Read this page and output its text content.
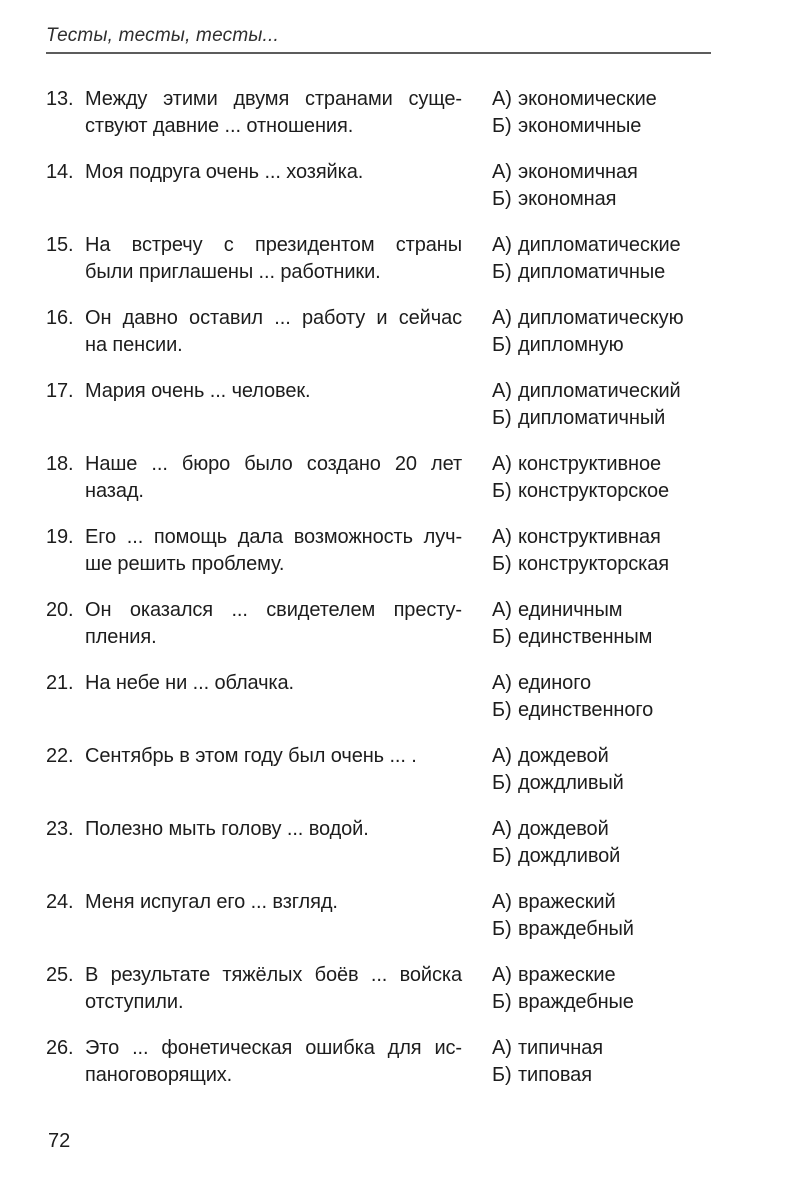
Тесты, тесты, тесты...
13. Между этими двумя странами суще-
ствуют давние ... отношения.
А) экономические
Б) экономичные
14. Моя подруга очень ... хозяйка.	А) экономичная
Б) экономная
15. На встречу с президентом страны
были приглашены ... работники.
А) дипломатические
Б) дипломатичные
16. Он давно оставил ... работу и сейчас
на пенсии.
А) дипломатическую
Б) дипломную
17. Мария очень ... человек.	А) дипломатический
Б) дипломатичный
18. Наше ... бюро было создано 20 лет
назад.
А) конструктивное
Б) конструкторское
19. Его ... помощь дала возможность луч-
ше решить проблему.
А) конструктивная
Б) конструкторская
20. Он оказался ... свидетелем престу-
пления.
А) единичным
Б) единственным
21. На небе ни ... облачка.	А) единого
Б) единственного
22. Сентябрь в этом году был очень ... .	А) дождевой
Б) дождливый
23. Полезно мыть голову ... водой.	А) дождевой
Б) дождливой
24. Меня испугал его ... взгляд.	А) вражеский
Б) враждебный
25. В результате тяжёлых боёв ... войска
отступили.
А) вражеские
Б) враждебные
26. Это ... фонетическая ошибка для ис-
паноговорящих.
А) типичная
Б) типовая
72
